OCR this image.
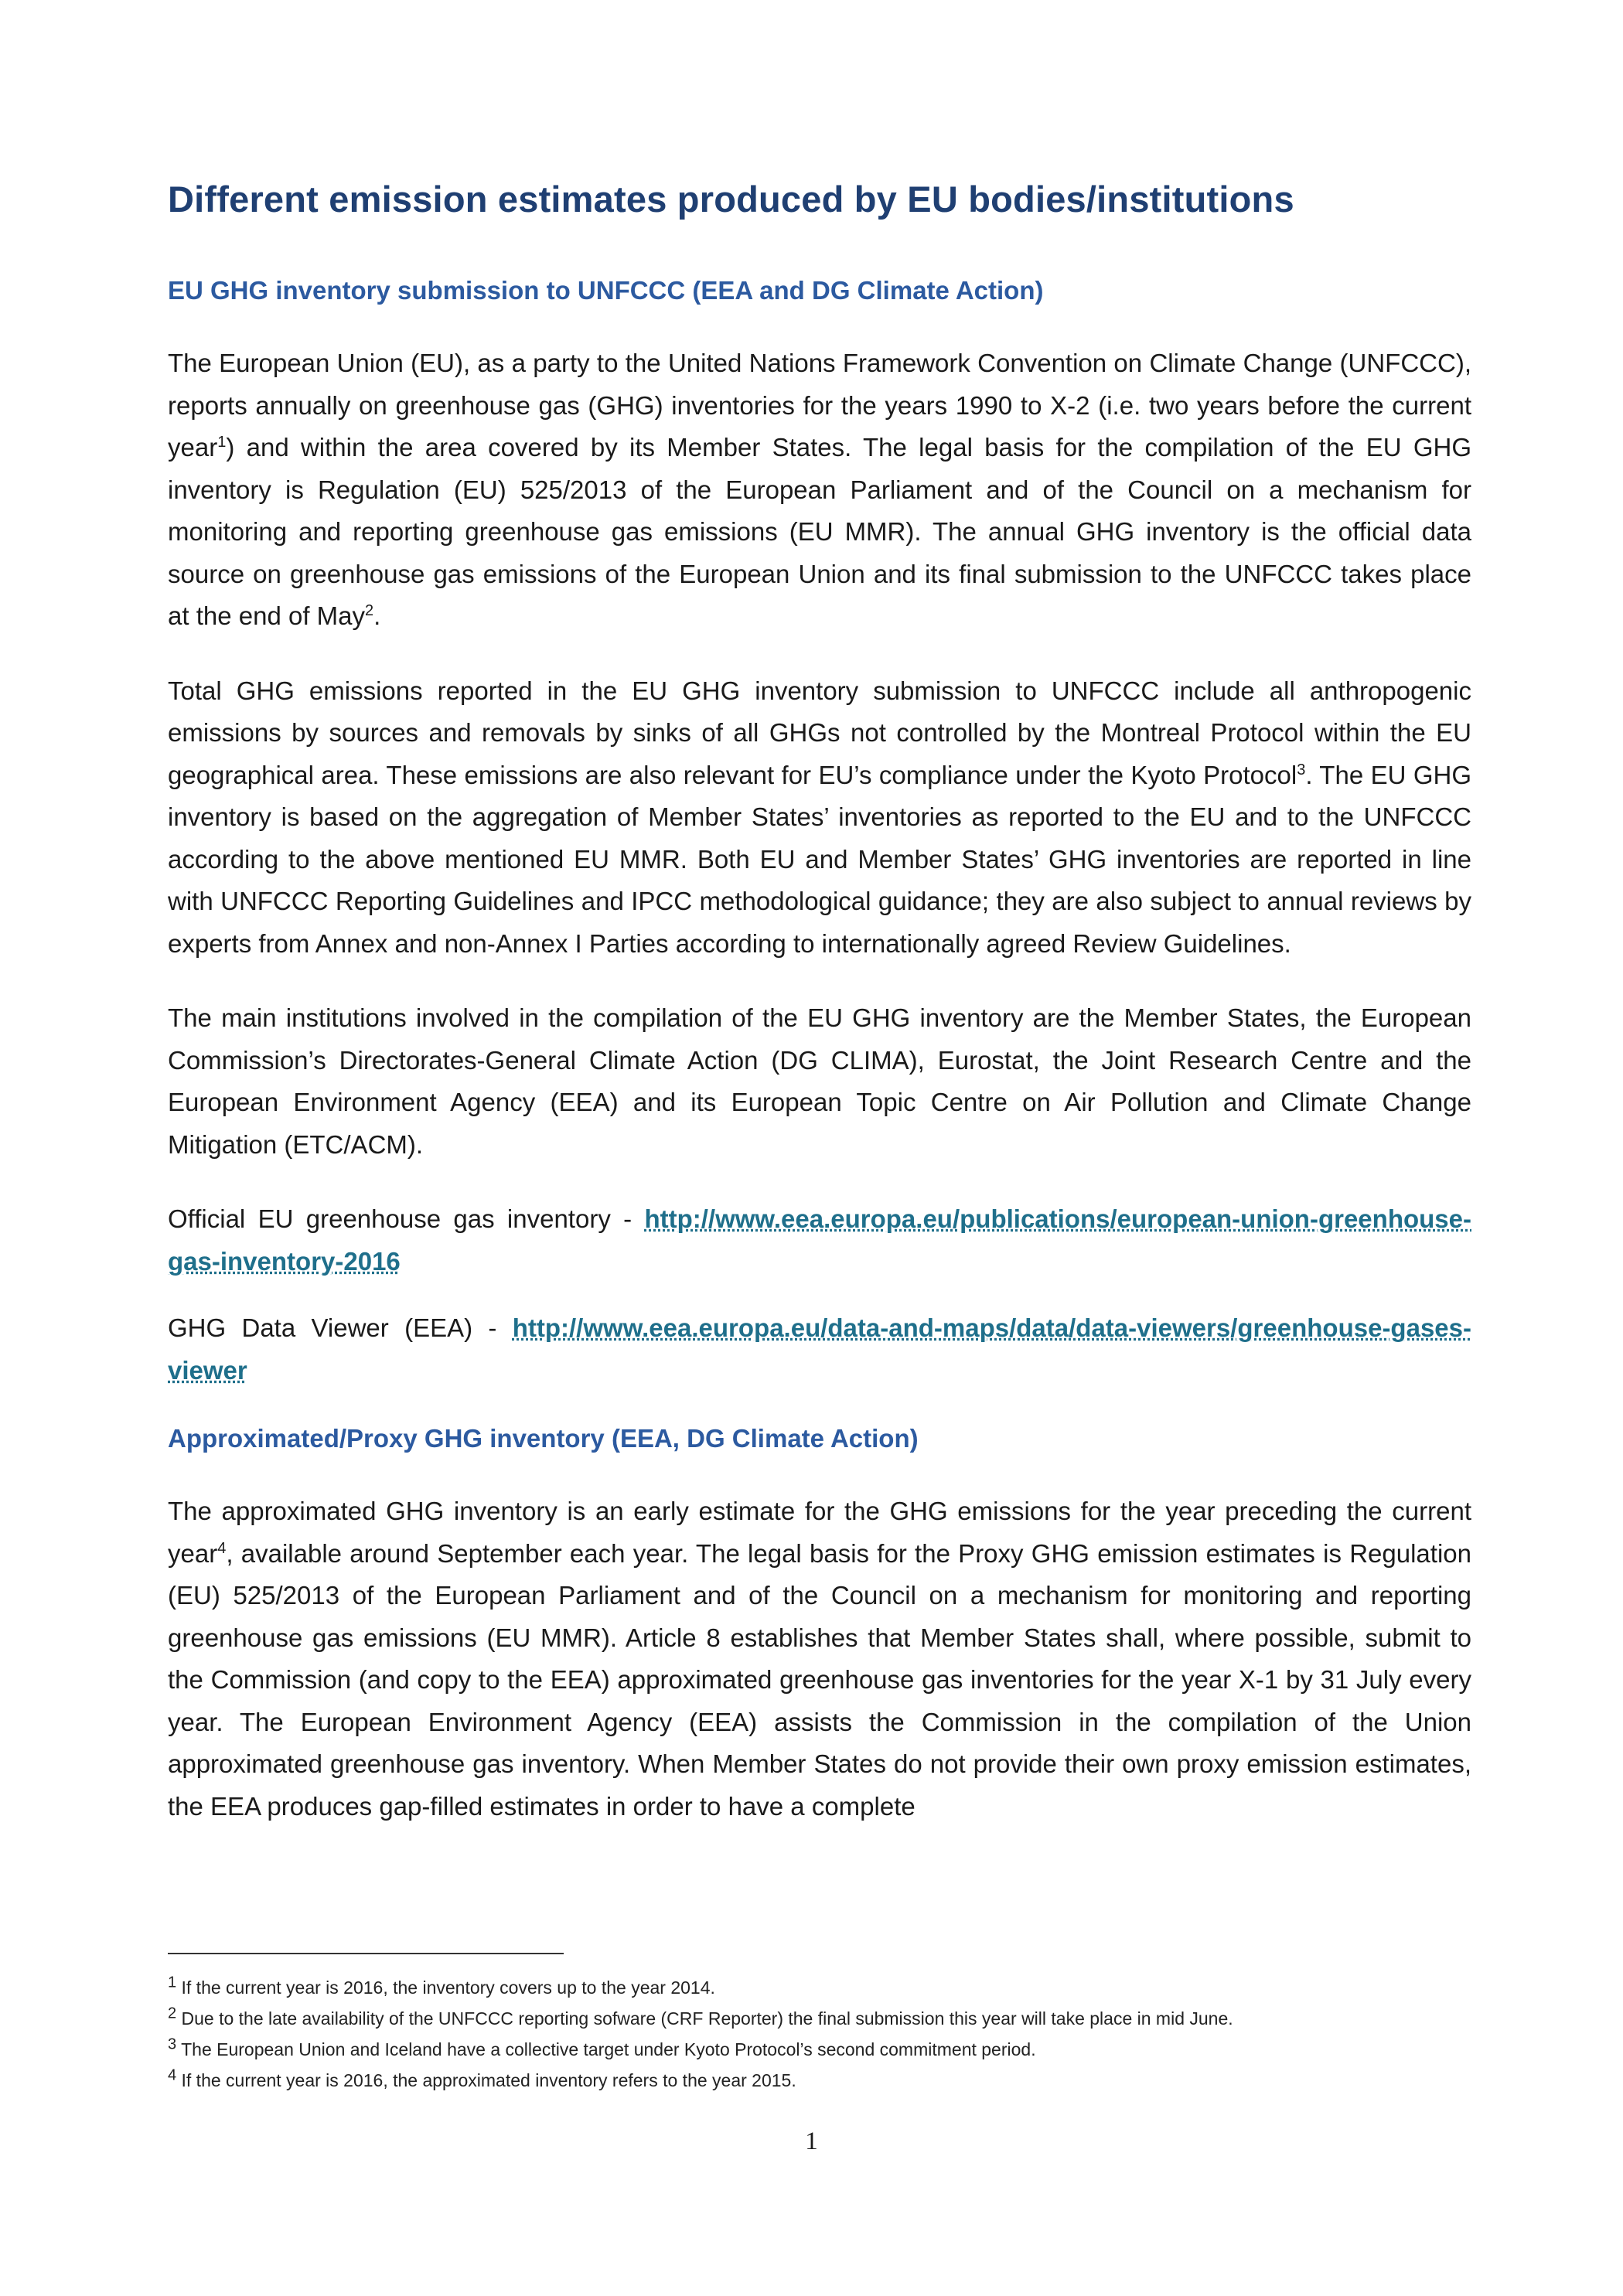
Different emission estimates produced by EU bodies/institutions
EU GHG inventory submission to UNFCCC (EEA and DG Climate Action)

The European Union (EU), as a party to the United Nations Framework Convention on Climate Change (UNFCCC), reports annually on greenhouse gas (GHG) inventories for the years 1990 to X-2 (i.e. two years before the current year$^1$) and within the area covered by its Member States. The legal basis for the compilation of the EU GHG inventory is Regulation (EU) 525/2013 of the European Parliament and of the Council on a mechanism for monitoring and reporting greenhouse gas emissions (EU MMR). The annual GHG inventory is the official data source on greenhouse gas emissions of the European Union and its final submission to the UNFCCC takes place at the end of May$^2$.

Total GHG emissions reported in the EU GHG inventory submission to UNFCCC include all anthropogenic emissions by sources and removals by sinks of all GHGs not controlled by the Montreal Protocol within the EU geographical area. These emissions are also relevant for EU’s compliance under the Kyoto Protocol$^3$. The EU GHG inventory is based on the aggregation of Member States’ inventories as reported to the EU and to the UNFCCC according to the above mentioned EU MMR. Both EU and Member States’ GHG inventories are reported in line with UNFCCC Reporting Guidelines and IPCC methodological guidance; they are also subject to annual reviews by experts from Annex and non-Annex I Parties according to internationally agreed Review Guidelines.

The main institutions involved in the compilation of the EU GHG inventory are the Member States, the European Commission’s Directorates-General Climate Action (DG CLIMA), Eurostat, the Joint Research Centre and the European Environment Agency (EEA) and its European Topic Centre on Air Pollution and Climate Change Mitigation (ETC/ACM).

Official EU greenhouse gas inventory - http://www.eea.europa.eu/publications/european-union-greenhouse-gas-inventory-2016

GHG Data Viewer (EEA) - http://www.eea.europa.eu/data-and-maps/data/data-viewers/greenhouse-gases-viewer

Approximated/Proxy GHG inventory (EEA, DG Climate Action)

The approximated GHG inventory is an early estimate for the GHG emissions for the year preceding the current year$^4$, available around September each year. The legal basis for the Proxy GHG emission estimates is Regulation (EU) 525/2013 of the European Parliament and of the Council on a mechanism for monitoring and reporting greenhouse gas emissions (EU MMR). Article 8 establishes that Member States shall, where possible, submit to the Commission (and copy to the EEA) approximated greenhouse gas inventories for the year X-1 by 31 July every year. The European Environment Agency (EEA) assists the Commission in the compilation of the Union approximated greenhouse gas inventory. When Member States do not provide their own proxy emission estimates, the EEA produces gap-filled estimates in order to have a complete

$^1$ If the current year is 2016, the inventory covers up to the year 2014.
$^2$ Due to the late availability of the UNFCCC reporting sofware (CRF Reporter) the final submission this year will take place in mid June.
$^3$ The European Union and Iceland have a collective target under Kyoto Protocol’s second commitment period.
$^4$ If the current year is 2016, the approximated inventory refers to the year 2015.
1
